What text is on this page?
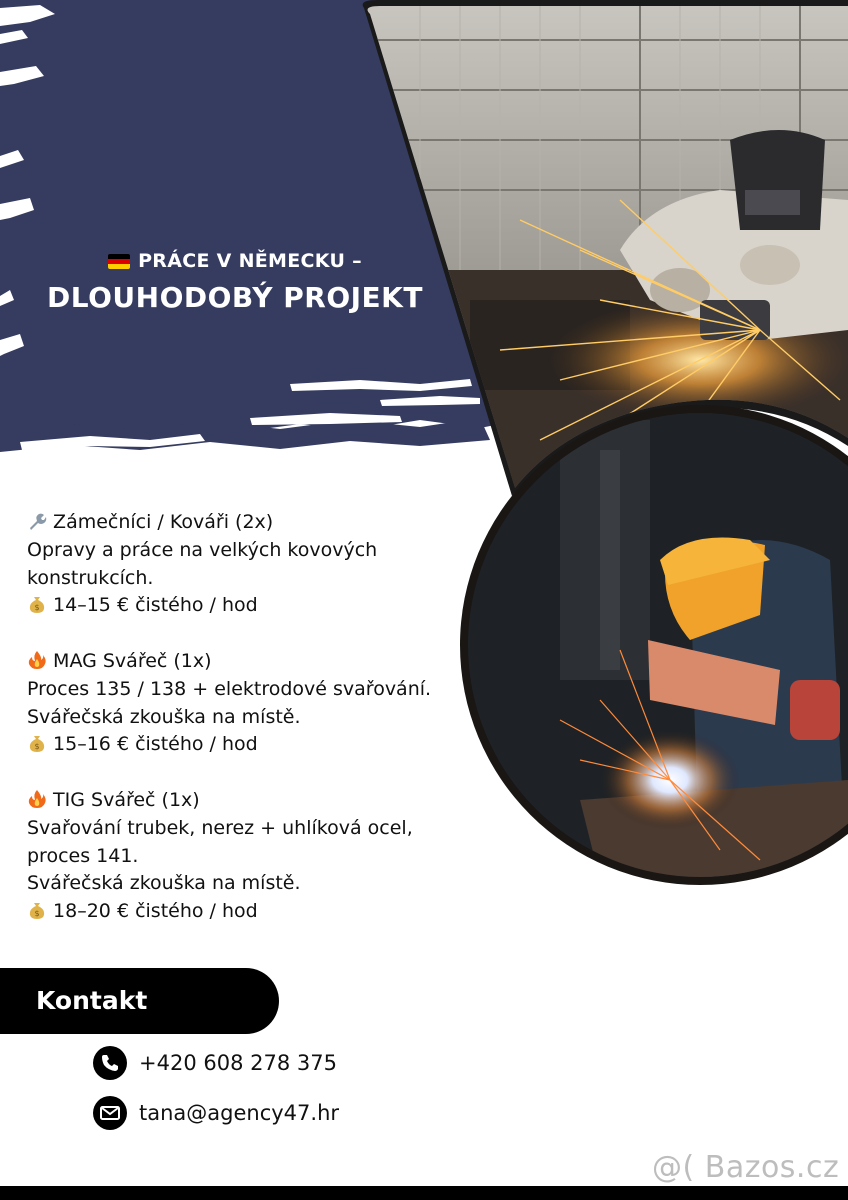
PRÁCE V NĚMECKU –
DLOUHODOBÝ PROJEKT
Zámečníci / Kováři (2x)
Opravy a práce na velkých kovových
konstrukcích.
$ 14–15 € čistého / hod
MAG Svářeč (1x)
Proces 135 / 138 + elektrodové svařování.
Svářečská zkouška na místě.
$ 15–16 € čistého / hod
TIG Svářeč (1x)
Svařování trubek, nerez + uhlíková ocel,
proces 141.
Svářečská zkouška na místě.
$ 18–20 € čistého / hod
Kontakt
+420 608 278 375
tana@agency47.hr
@( Bazos.cz
